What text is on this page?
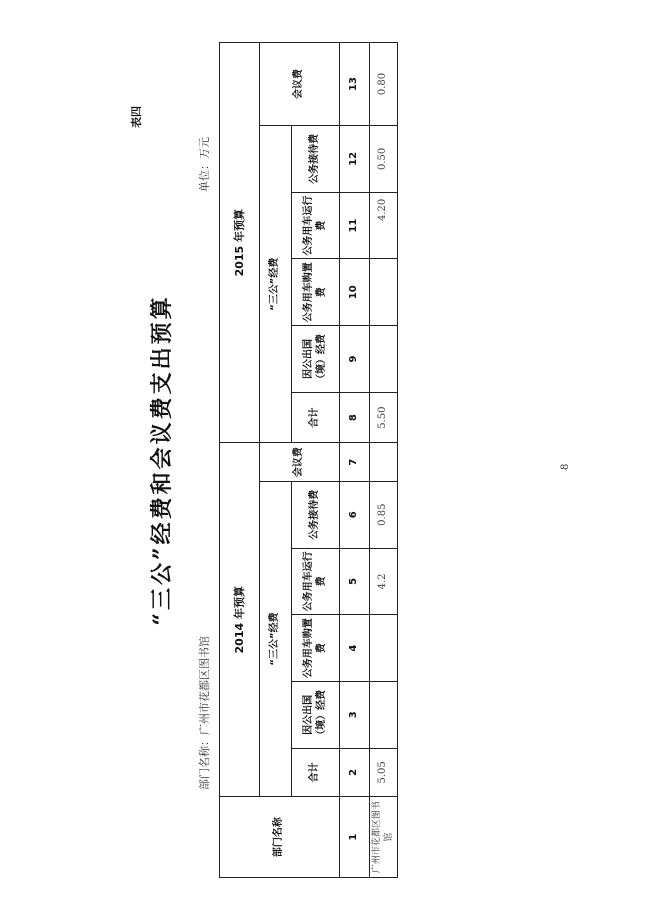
表四
“三公”经费和会议费支出预算
部门名称：广州市花都区图书馆
单位：万元
部门名称	2014 年预算						2015 年预算					
	“三公”经费					会议费	“三公”经费					会议费
	合计	因公出国（境）经费	公务用车购置费	公务用车运行费	公务接待费		合计	因公出国（境）经费	公务用车购置费	公务用车运行费	公务接待费	
1	2	3	4	5	6	7	8	9	10	11	12	13
广州市花都区图书馆	5.05			4.2	0.85		5.50			4.20	0.50	0.80
8
